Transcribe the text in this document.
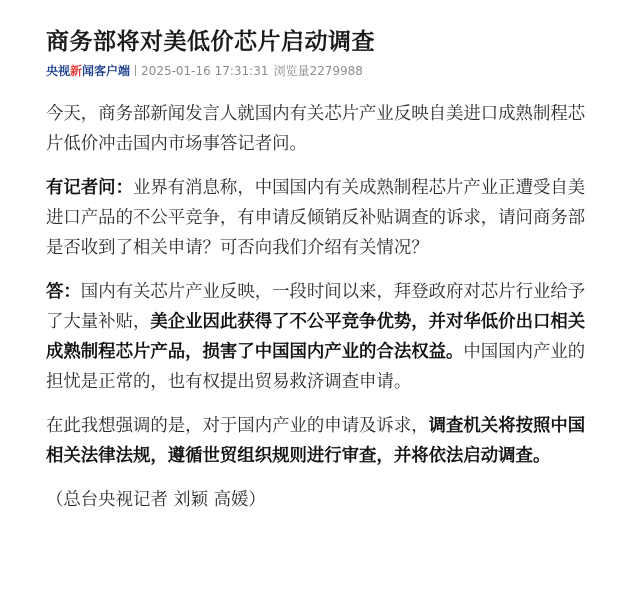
商务部将对美低价芯片启动调查
央视新闻客户端 2025-01-16 17:31:31 浏览量2279988

今天，商务部新闻发言人就国内有关芯片产业反映自美进口成熟制程芯片低价冲击国内市场事答记者问。

有记者问：业界有消息称，中国国内有关成熟制程芯片产业正遭受自美进口产品的不公平竞争，有申请反倾销反补贴调查的诉求，请问商务部是否收到了相关申请？可否向我们介绍有关情况？

答：国内有关芯片产业反映，一段时间以来，拜登政府对芯片行业给予了大量补贴，美企业因此获得了不公平竞争优势，并对华低价出口相关成熟制程芯片产品，损害了中国国内产业的合法权益。中国国内产业的担忧是正常的，也有权提出贸易救济调查申请。

在此我想强调的是，对于国内产业的申请及诉求，调查机关将按照中国相关法律法规，遵循世贸组织规则进行审查，并将依法启动调查。

（总台央视记者 刘颖 高媛）
